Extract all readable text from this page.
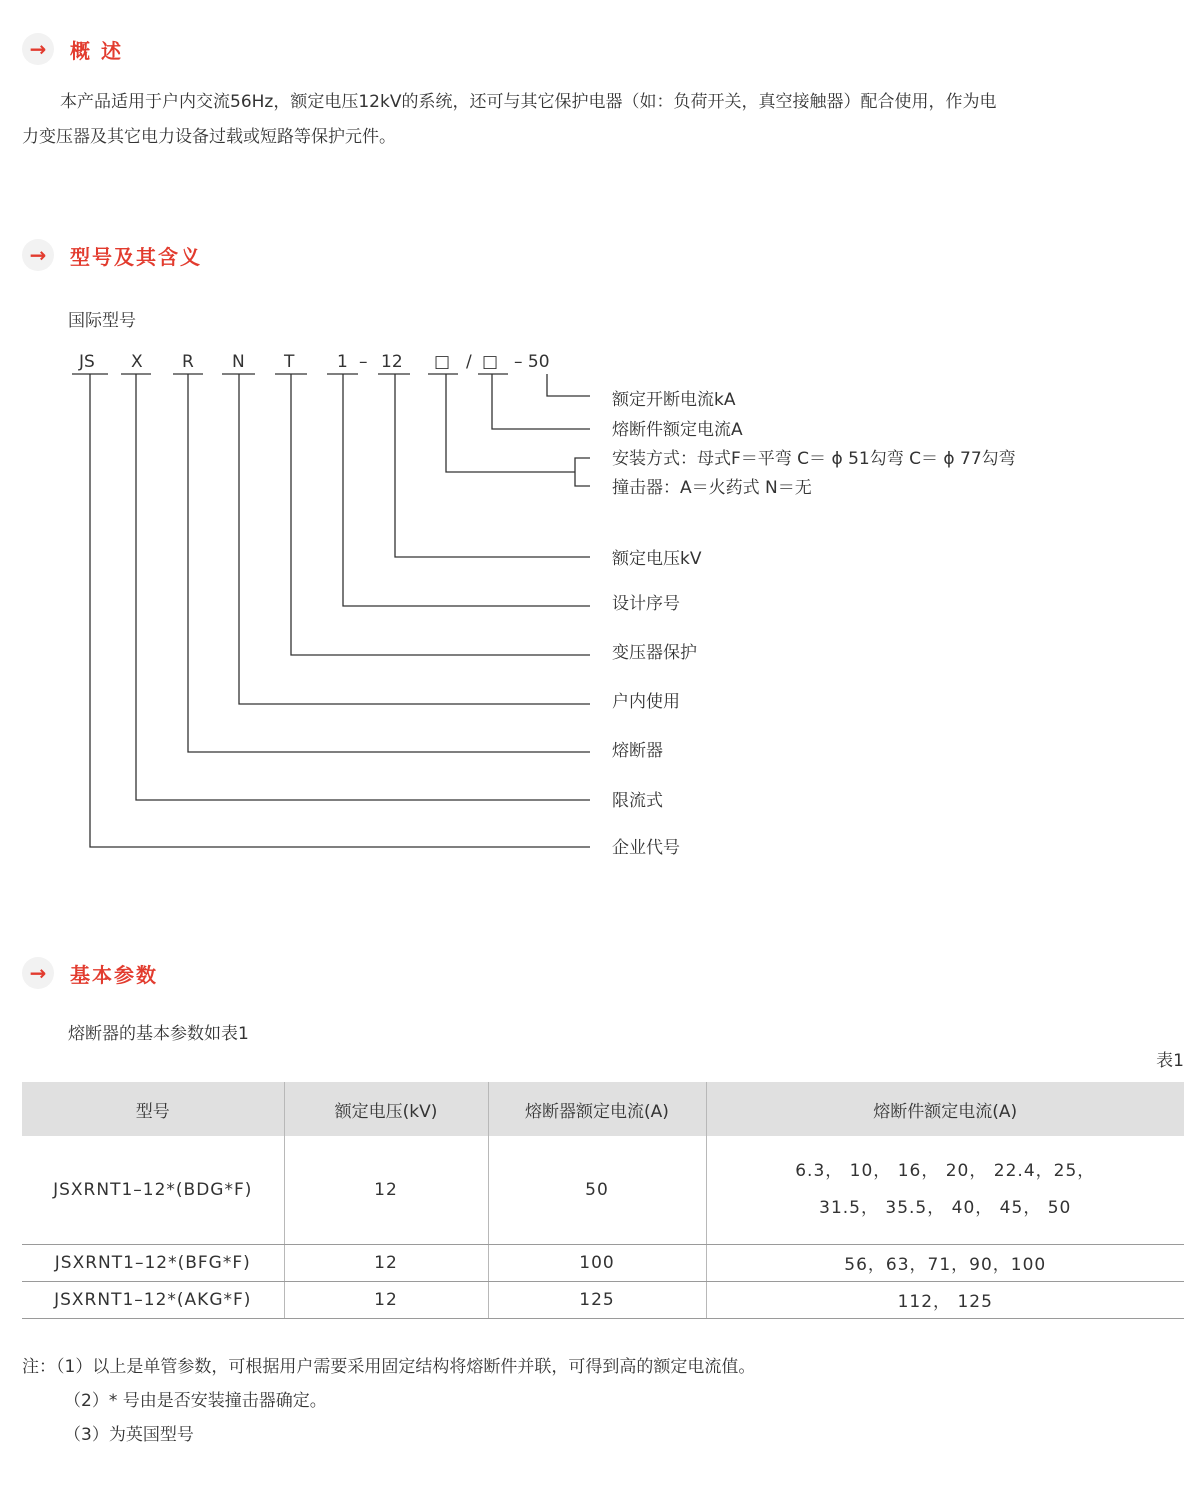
→	概 述
本产品适用于户内交流56Hz，额定电压12kV的系统，还可与其它保护电器（如：负荷开关，真空接触器）配合使用，作为电
力变压器及其它电力设备过载或短路等保护元件。
→	型号及其含义
国际型号
JS X R N T	1 – 12 □ / □ – 50
额定开断电流kA
熔断件额定电流A
安装方式：母式F＝平弯 C＝ ϕ 51勾弯 C＝ ϕ 77勾弯
撞击器：A＝火药式 N＝无
额定电压kV
设计序号
变压器保护
户内使用
熔断器
限流式
企业代号
→	基本参数
熔断器的基本参数如表1
表1
型号	额定电压(kV)	熔断器额定电流(A)	熔断件额定电流(A)
JSXRNT1–12*(BDG*F)	12	50	6.3， 10， 16， 20， 22.4，25，
31.5， 35.5， 40， 45， 50

JSXRNT1–12*(BFG*F)	12	100	56，63，71，90，100
JSXRNT1–12*(AKG*F)	12	125	112， 125
注：（1）以上是单管参数，可根据用户需要采用固定结构将熔断件并联，可得到高的额定电流值。
（2）* 号由是否安装撞击器确定。
（3）为英国型号
